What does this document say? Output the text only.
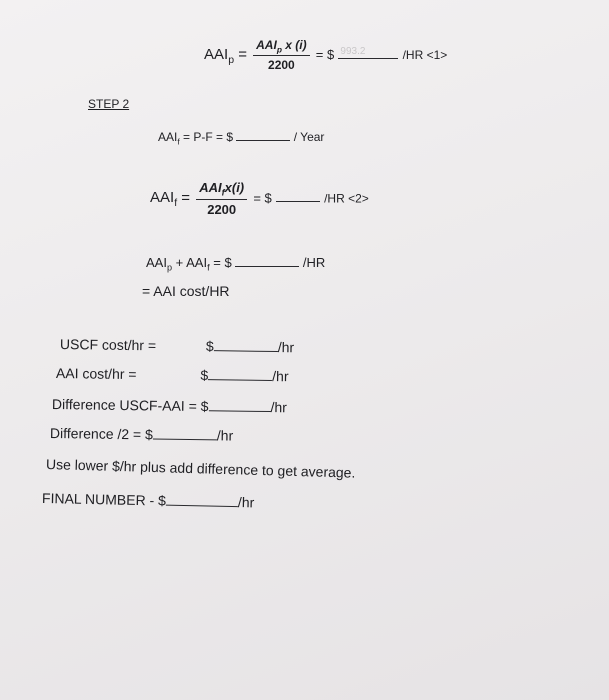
$AAI_p = \frac{AAI_p x (i)}{2200}$ = $ 993.2	/HR <1>
STEP 2
$AAI_f = P-F$ = $	/ Year
$AAI_f = \frac{AAI_fx(i)}{2200}$ = $	/HR <2>
$AAI_p + AAI_f$ = $	/HR
= AAI cost/HR
USCF cost/hr =	$	/hr
AAI cost/hr =	$	/hr
Difference USCF-AAI = $	/hr
Difference /2 = $	/hr
Use lower $/hr plus add difference to get average.
FINAL NUMBER - $	/hr
